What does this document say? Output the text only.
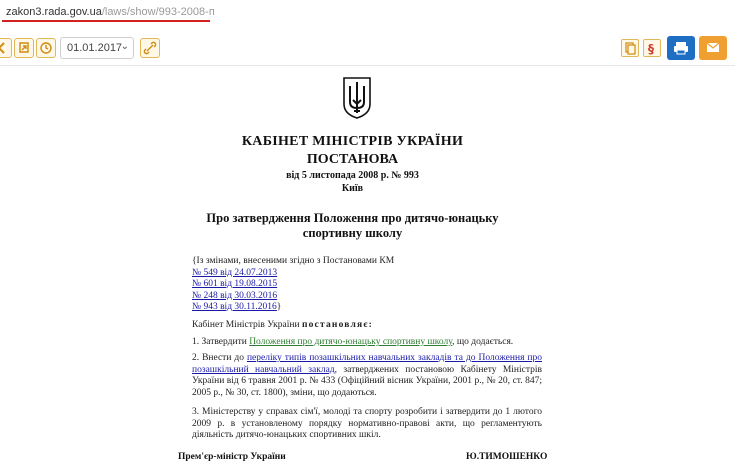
zakon3.rada.gov.ua/laws/show/993-2008-п
01.01.2017
⌄	§
КАБІНЕТ МІНІСТРІВ УКРАЇНИ
ПОСТАНОВА
від 5 листопада 2008 р. № 993
Київ
Про затвердження Положення про дитячо-юнацьку
спортивну школу
{Із змінами, внесеними згідно з Постановами КМ
№ 549 від 24.07.2013
№ 601 від 19.08.2015
№ 248 від 30.03.2016
№ 943 від 30.11.2016}
Кабінет Міністрів України постановляє:
1. Затвердити Положення про дитячо-юнацьку спортивну школу, що додається.
2. Внести до переліку типів позашкільних навчальних закладів та до Положення про позашкільний навчальний заклад, затверджених постановою Кабінету Міністрів України від 6 травня 2001 р. № 433 (Офіційний вісник України, 2001 р., № 20, ст. 847; 2005 р., № 30, ст. 1800), зміни, що додаються.
3. Міністерству у справах сім'ї, молоді та спорту розробити і затвердити до 1 лютого 2009 р. в установленому порядку нормативно-правові акти, що регламентують діяльність дитячо-юнацьких спортивних шкіл.
Прем'єр-міністр України	Ю.ТИМОШЕНКО
